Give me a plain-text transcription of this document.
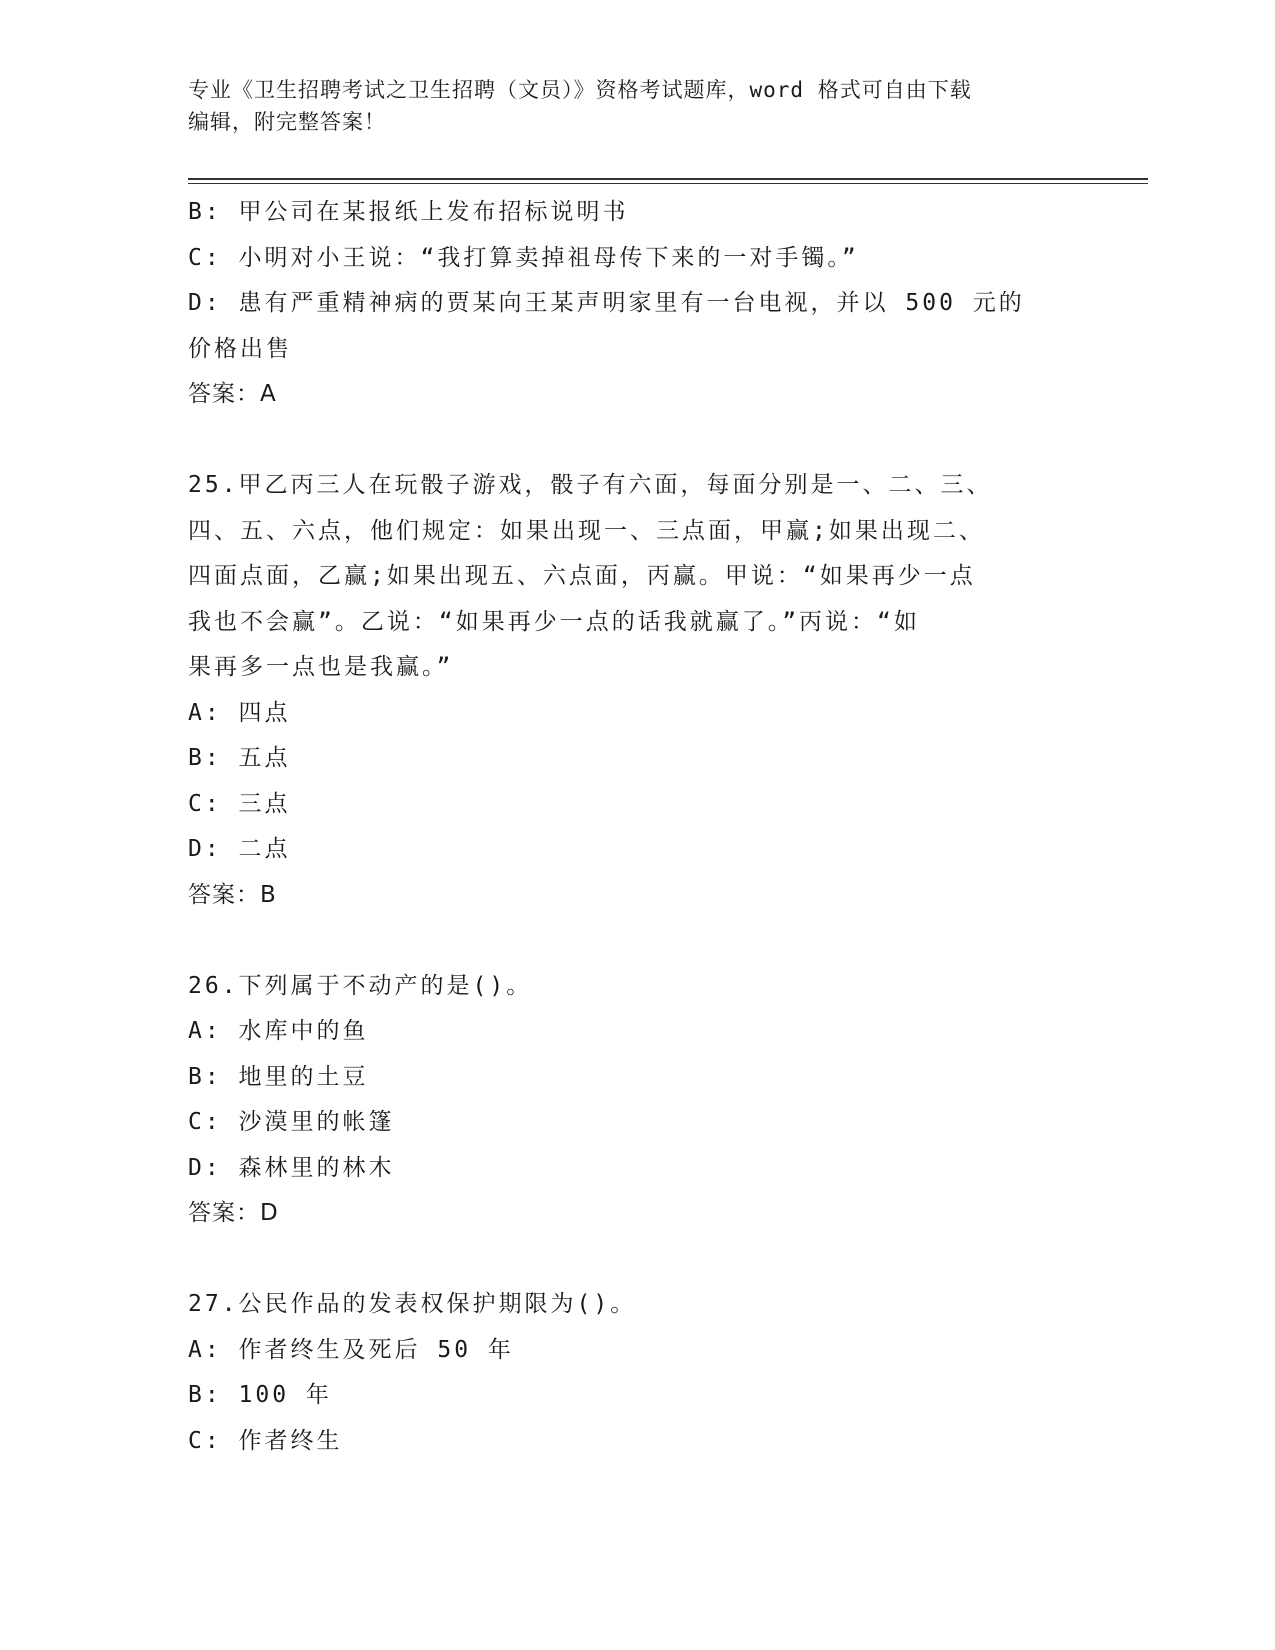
专业《卫生招聘考试之卫生招聘（文员）》资格考试题库，word 格式可自由下载
编辑，附完整答案！
B: 甲公司在某报纸上发布招标说明书
C: 小明对小王说：“我打算卖掉祖母传下来的一对手镯。”
D: 患有严重精神病的贾某向王某声明家里有一台电视，并以 500 元的
价格出售
答案：A
25.甲乙丙三人在玩骰子游戏，骰子有六面，每面分别是一、二、三、
四、五、六点，他们规定：如果出现一、三点面，甲赢;如果出现二、
四面点面，乙赢;如果出现五、六点面，丙赢。甲说：“如果再少一点
我也不会赢”。乙说：“如果再少一点的话我就赢了。”丙说：“如
果再多一点也是我赢。”
A: 四点
B: 五点
C: 三点
D: 二点
答案：B
26.下列属于不动产的是()。
A: 水库中的鱼
B: 地里的土豆
C: 沙漠里的帐篷
D: 森林里的林木
答案：D
27.公民作品的发表权保护期限为()。
A: 作者终生及死后 50 年
B: 100 年
C: 作者终生
